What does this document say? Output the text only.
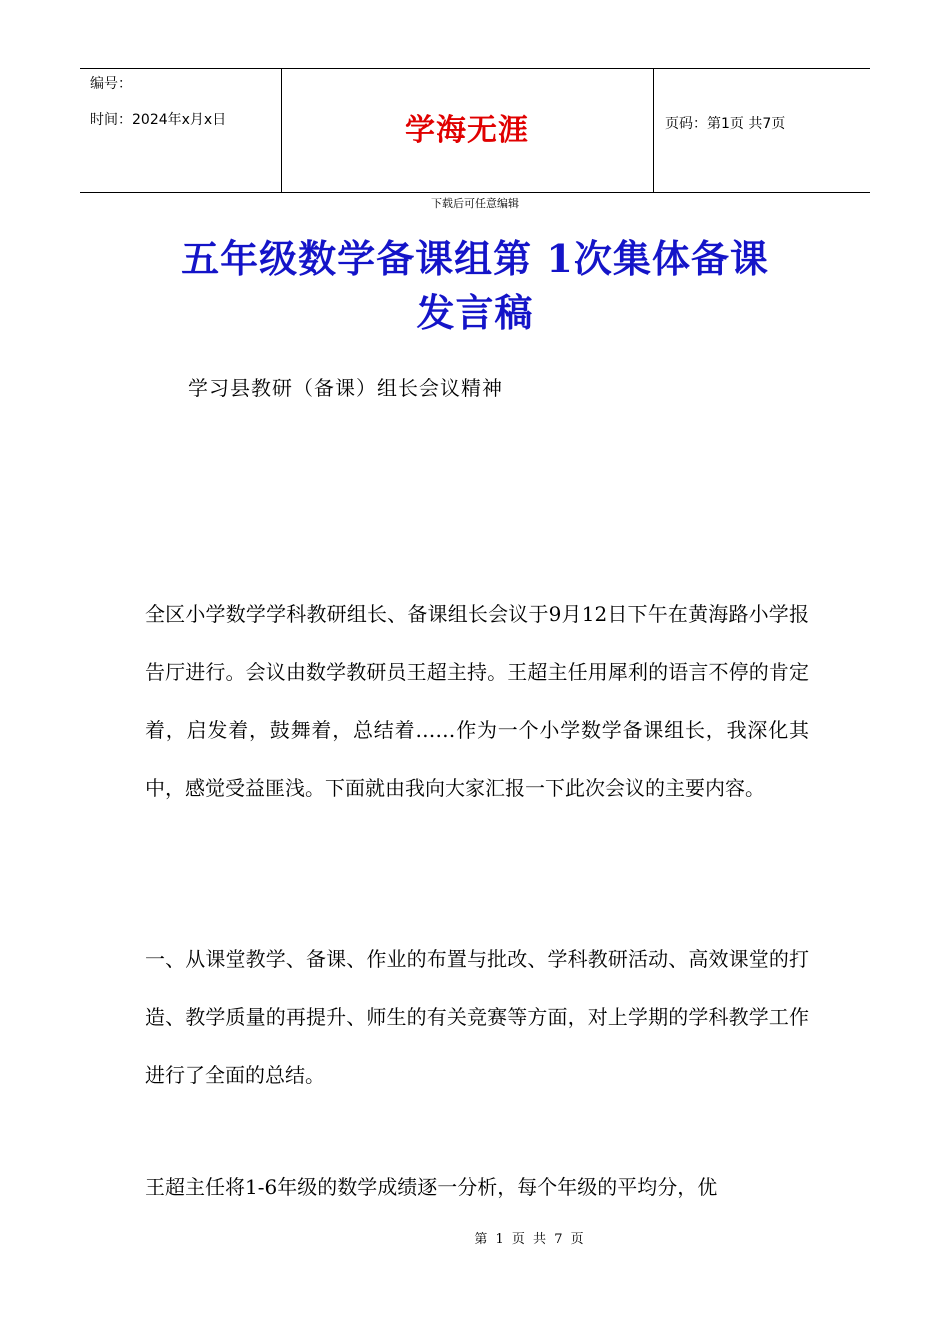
编号：
时间：2024年x月x日	学海无涯	页码：第1页 共7页
下载后可任意编辑
五年级数学备课组第 1次集体备课
发言稿
学习县教研（备课）组长会议精神

全区小学数学学科教研组长、备课组长会议于9月12日下午在黄海路小学报告厅进行。会议由数学教研员王超主持。王超主任用犀利的语言不停的肯定着，启发着，鼓舞着，总结着……作为一个小学数学备课组长，我深化其中，感觉受益匪浅。下面就由我向大家汇报一下此次会议的主要内容。

一、从课堂教学、备课、作业的布置与批改、学科教研活动、高效课堂的打造、教学质量的再提升、师生的有关竞赛等方面，对上学期的学科教学工作进行了全面的总结。

王超主任将1-6年级的数学成绩逐一分析，每个年级的平均分，优

第 1 页 共 7 页
